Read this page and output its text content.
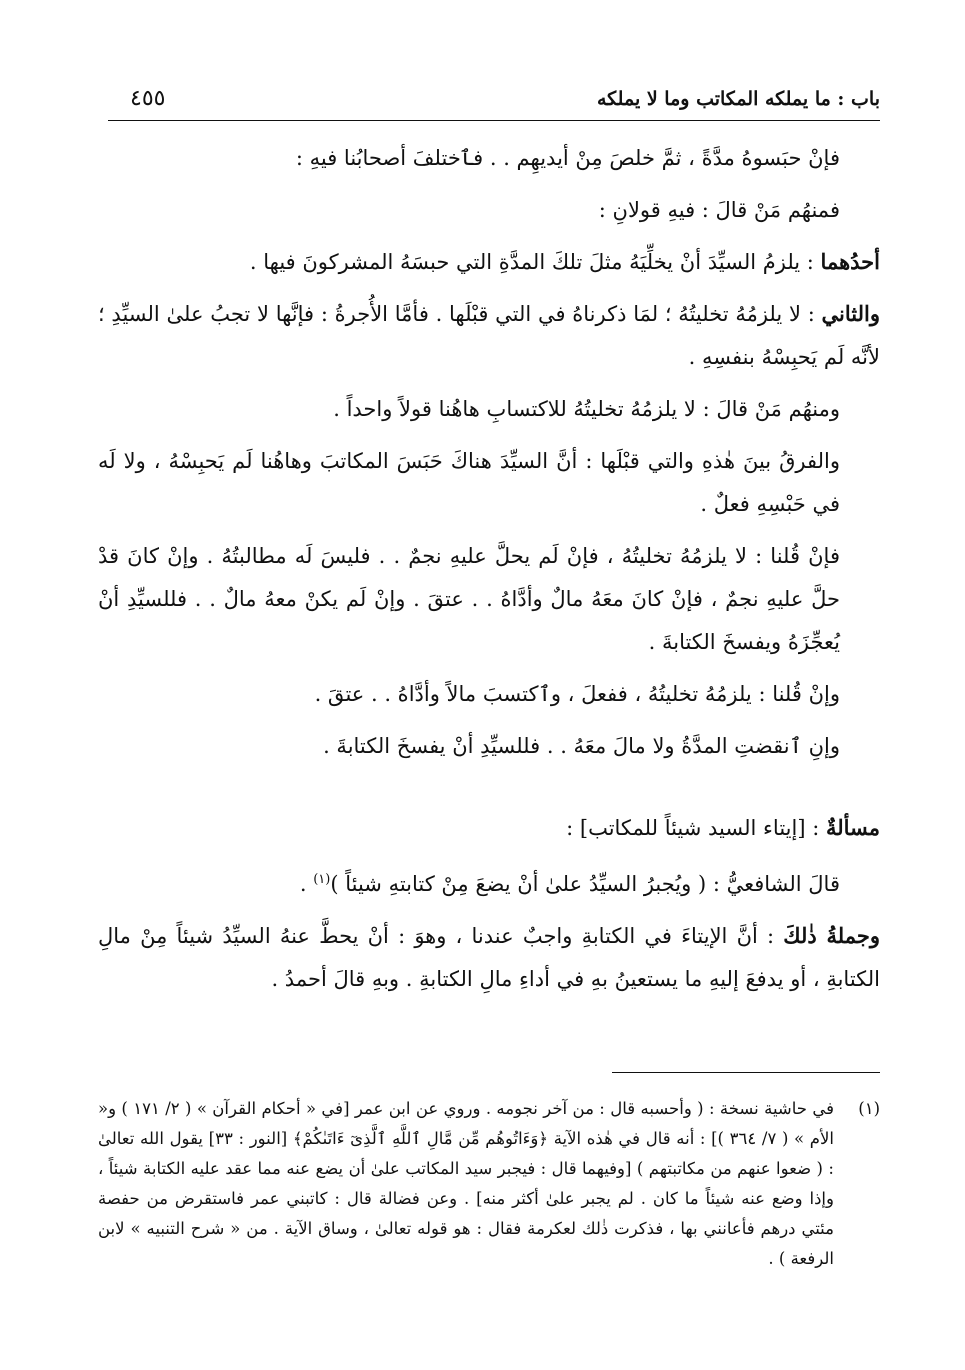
باب : ما يملكه المكاتب وما لا يملكه
٤٥٥

فإنْ حبَسوهُ مدَّةً ، ثمَّ خلصَ مِنْ أيديهِم . . فٱختلفَ أصحابُنا فيهِ :

فمنهُم مَنْ قالَ : فيهِ قولانِ :

أحدُهما : يلزمُ السيِّدَ أنْ يخلِّيَهُ مثلَ تلكَ المدَّةِ التي حبسَهُ المشركونَ فيها .

والثاني : لا يلزمُهُ تخليتُهُ ؛ لمَا ذكرناهُ في التي قبْلَها . فأمَّا الأُجرةُ : فإنَّها لا تجبُ علىٰ السيِّدِ ؛ لأنَّه لَم يَحبِسْهُ بنفسِهِ .

ومنهُم مَنْ قالَ : لا يلزمُهُ تخليتُهُ للاكتسابِ هاهُنا قولاً واحداً .

والفرقُ بينَ هٰذهِ والتي قبْلَها : أنَّ السيِّدَ هناكَ حَبَسَ المكاتبَ وهاهُنا لَم يَحبِسْهُ ، ولا لَه في حَبْسِهِ فعلٌ .

فإنْ قُلنا : لا يلزمُهُ تخليتُهُ ، فإنْ لَم يحلَّ عليهِ نجمٌ . . فليسَ لَه مطالبتُهُ . وإنْ كانَ قدْ حلَّ عليهِ نجمٌ ، فإنْ كانَ معَهُ مالٌ وأدَّاهُ . . عتقَ . وإنْ لَم يكنْ معهُ مالٌ . . فللسيِّدِ أنْ يُعجِّزَهُ ويفسخَ الكتابةَ .

وإنْ قُلنا : يلزمُهُ تخليتُهُ ، ففعلَ ، وٱكتسبَ مالاً وأدَّاهُ . . عتقَ .

وإنِ ٱنقضتِ المدَّةُ ولا مالَ معَهُ . . فللسيِّدِ أنْ يفسخَ الكتابةَ .

مسألةٌ : [إيتاء السيد شيئاً للمكاتب] :

قالَ الشافعيُّ : ( ويُجبرُ السيِّدُ علىٰ أنْ يضعَ مِنْ كتابتهِ شيئاً )$^{(١)}$ .

وجملةُ ذٰلكَ : أنَّ الإيتاءَ في الكتابةِ واجبٌ عندنا ، وهوَ : أنْ يحطَّ عنهُ السيِّدُ شيئاً مِنْ مالِ الكتابةِ ، أو يدفعَ إليهِ ما يستعينُ بهِ في أداءِ مالِ الكتابةِ . وبهِ قالَ أحمدُ .

(١)
في حاشية نسخة : ( وأحسبه قال : من آخر نجومه . وروي عن ابن عمر [في « أحكام القرآن » ( ٢/ ١٧١ ) و« الأم » ( ٧/ ٣٦٤ )] : أنه قال في هٰذه الآية ﴿وَءَاتُوهُم مِّن مَّالِ ٱللَّهِ ٱلَّذِىٓ ءَاتَىٰكُمْ﴾ [النور : ٣٣] يقول الله تعالىٰ : ( ضعوا عنهم من مكاتبتهم ) [وفيهما قال : فيجبر سيد المكاتب علىٰ أن يضع عنه مما عقد عليه الكتابة شيئاً ، وإذا وضع عنه شيئاً ما كان . لم يجبر علىٰ أكثر منه] . وعن فضالة قال : كاتبني عمر فاستقرض من حفصة مئتي درهم فأعانني بها ، فذكرت ذٰلك لعكرمة فقال : هو قوله تعالىٰ ، وساق الآية . من « شرح التنبيه » لابن الرفعة ) .
